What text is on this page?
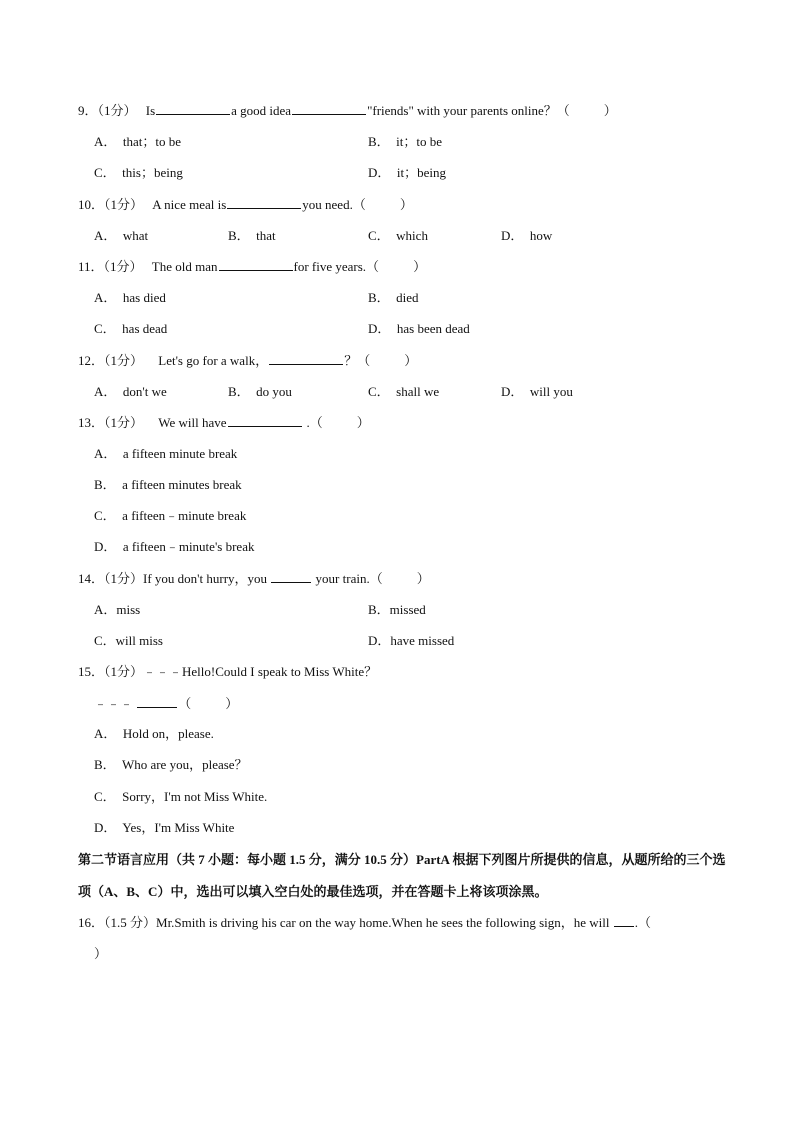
9．（1分） Is	a good idea	"friends" with your parents online？（	）
A． that；to be	B． it；to be
C． this；being	D． it；being
10．（1分） A nice meal is	you need.（	）
A． what	B． that	C． which	D． how
11．（1分） The old man	for five years.（	）
A． has died	B． died
C． has dead	D． has been dead
12．（1分） Let's go for a walk，	？（	）
A． don't we	B． do you	C． shall we	D． will you
13．（1分） We will have	.（	）
A． a fifteen minute break
B． a fifteen minutes break
C． a fifteen﹣minute break
D． a fifteen﹣minute's break
14．（1分）If you don't hurry，you	your train.（	）
A．miss	B．missed
C．will miss	D．have missed
15．（1分）﹣﹣﹣Hello!Could I speak to Miss White？
﹣﹣﹣	（	）
A． Hold on，please.
B． Who are you，please？
C． Sorry，I'm not Miss White.
D． Yes，I'm Miss White
第二节语言应用（共 7 小题：每小题 1.5 分，满分 10.5 分）PartA 根据下列图片所提供的信息，从题所给的三个选项（A、B、C）中，选出可以填入空白处的最佳选项，并在答题卡上将该项涂黑。
16．（1.5 分）Mr.Smith is driving his car on the way home.When he sees the following sign，he will .（
）
